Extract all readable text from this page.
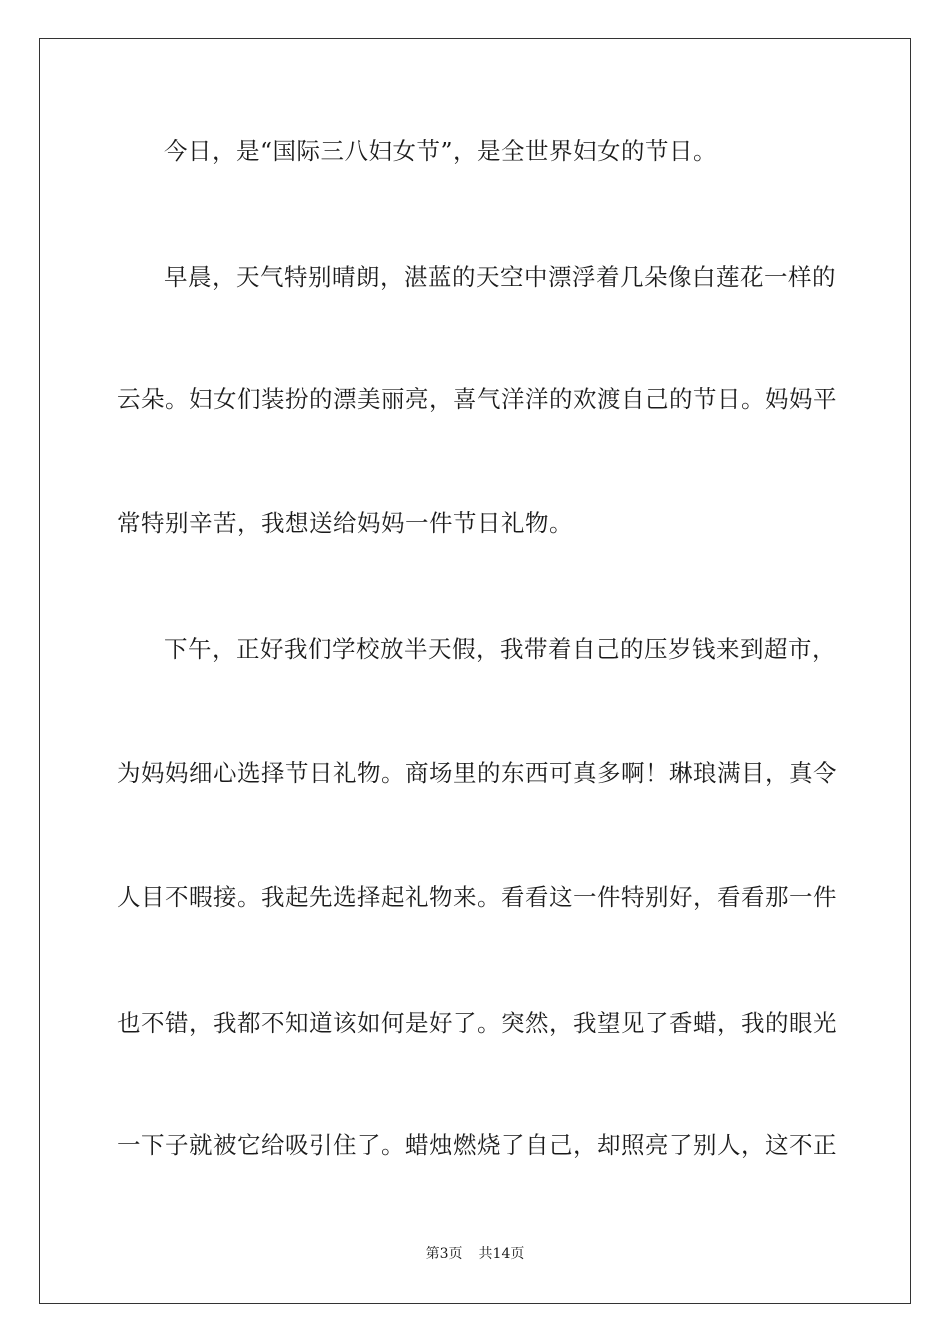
今日，是“国际三八妇女节”，是全世界妇女的节日。
早晨，天气特别晴朗，湛蓝的天空中漂浮着几朵像白莲花一样的
云朵。妇女们装扮的漂美丽亮，喜气洋洋的欢渡自己的节日。妈妈平
常特别辛苦，我想送给妈妈一件节日礼物。
下午，正好我们学校放半天假，我带着自己的压岁钱来到超市，
为妈妈细心选择节日礼物。商场里的东西可真多啊！琳琅满目，真令
人目不暇接。我起先选择起礼物来。看看这一件特别好，看看那一件
也不错，我都不知道该如何是好了。突然，我望见了香蜡，我的眼光
一下子就被它给吸引住了。蜡烛燃烧了自己，却照亮了别人，这不正
第3页 共14页
